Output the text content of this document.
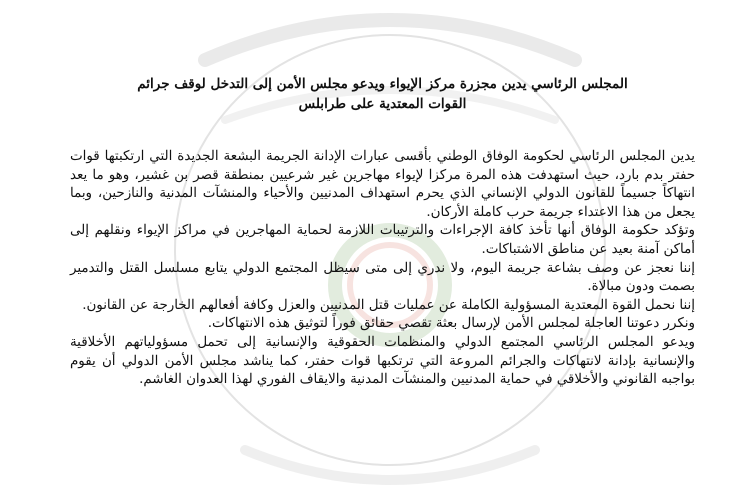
المجلس الرئاسي يدين مجزرة مركز الإيواء ويدعو مجلس الأمن إلى التدخل لوقف جرائم
القوات المعتدية على طرابلس

يدين المجلس الرئاسي لحكومة الوفاق الوطني بأقسى عبارات الإدانة الجريمة البشعة الجديدة التي ارتكبتها قوات حفتر بدم بارد، حيث استهدفت هذه المرة مركزا لإيواء مهاجرين غير شرعيين بمنطقة قصر بن غشير، وهو ما يعد انتهاكاً جسيماً للقانون الدولي الإنساني الذي يحرم استهداف المدنيين والأحياء والمنشآت المدنية والنازحين، وبما يجعل من هذا الاعتداء جريمة حرب كاملة الأركان.

وتؤكد حكومة الوفاق أنها تأخذ كافة الإجراءات والترتيبات اللازمة لحماية المهاجرين في مراكز الإيواء ونقلهم إلى أماكن آمنة بعيد عن مناطق الاشتباكات.

إننا نعجز عن وصف بشاعة جريمة اليوم، ولا ندري إلى متى سيظل المجتمع الدولي يتابع مسلسل القتل والتدمير بصمت ودون مبالاة.

إننا نحمل القوة المعتدية المسؤولية الكاملة عن عمليات قتل المدنيين والعزل وكافة أفعالهم الخارجة عن القانون.

ونكرر دعوتنا العاجلة لمجلس الأمن لإرسال بعثة تقصي حقائق فوراً لتوثيق هذه الانتهاكات.

ويدعو المجلس الرئاسي المجتمع الدولي والمنظمات الحقوقية والإنسانية إلى تحمل مسؤولياتهم الأخلاقية والإنسانية بإدانة لانتهاكات والجرائم المروعة التي ترتكبها قوات حفتر، كما يناشد مجلس الأمن الدولي أن يقوم بواجبه القانوني والأخلاقي في حماية المدنيين والمنشآت المدنية والايقاف الفوري لهذا العدوان الغاشم.
